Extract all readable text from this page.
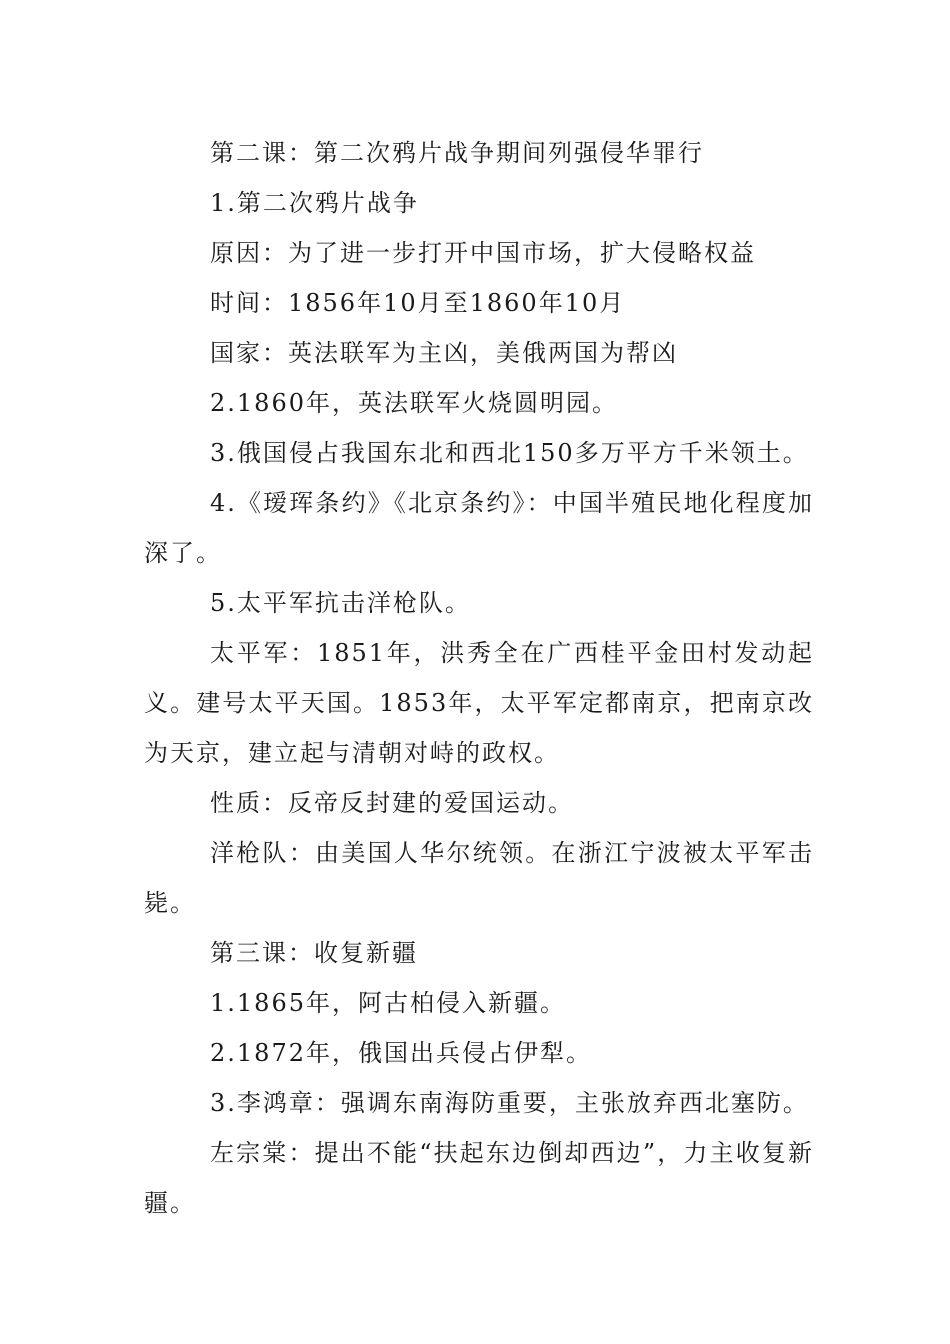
第二课：第二次鸦片战争期间列强侵华罪行

1.第二次鸦片战争

原因：为了进一步打开中国市场，扩大侵略权益

时间：1856年10月至1860年10月

国家：英法联军为主凶，美俄两国为帮凶

2.1860年，英法联军火烧圆明园。

3.俄国侵占我国东北和西北150多万平方千米领土。

4.《瑷珲条约》《北京条约》：中国半殖民地化程度加深了。

5.太平军抗击洋枪队。

太平军：1851年，洪秀全在广西桂平金田村发动起义。建号太平天国。1853年，太平军定都南京，把南京改为天京，建立起与清朝对峙的政权。

性质：反帝反封建的爱国运动。

洋枪队：由美国人华尔统领。在浙江宁波被太平军击毙。

第三课：收复新疆

1.1865年，阿古柏侵入新疆。

2.1872年，俄国出兵侵占伊犁。

3.李鸿章：强调东南海防重要，主张放弃西北塞防。

左宗棠：提出不能“扶起东边倒却西边”，力主收复新疆。
